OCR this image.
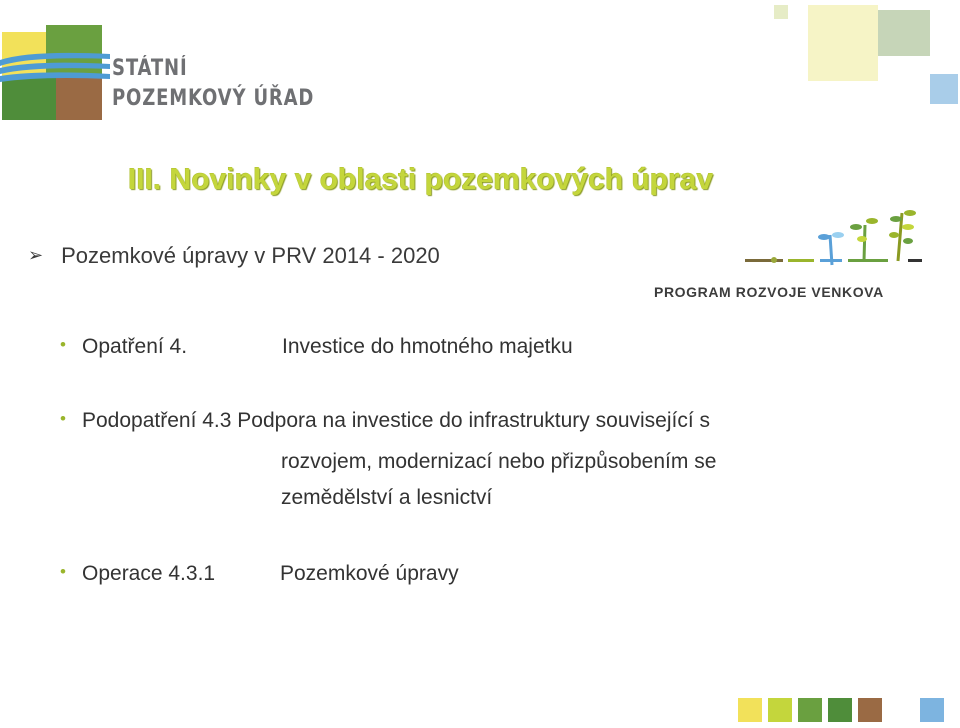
STÁTNÍ
POZEMKOVÝ ÚŘAD
III. Novinky v oblasti pozemkových úprav
➢ Pozemkové úpravy v PRV 2014 - 2020
PROGRAM ROZVOJE VENKOVA
• Opatření 4.	Investice do hmotného majetku
• Podopatření 4.3 Podpora na investice do infrastruktury související s
rozvojem, modernizací nebo přizpůsobením se
zemědělství a lesnictví
• Operace 4.3.1	Pozemkové úpravy
